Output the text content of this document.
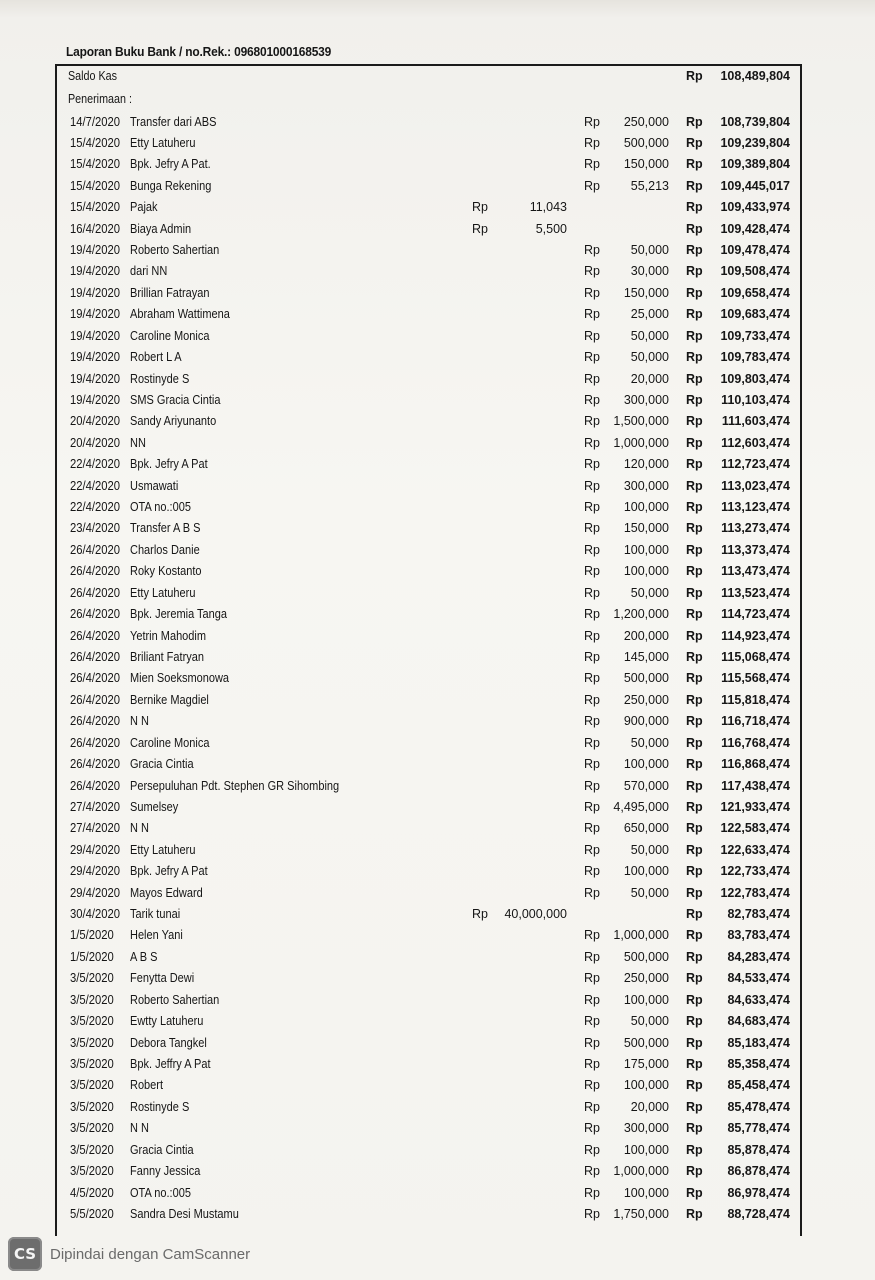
Laporan Buku Bank / no.Rek.: 096801000168539
Saldo Kas	Rp 108,489,804
Penerimaan :
14/7/2020 Transfer dari ABS	Rp 250,000 Rp 108,739,804
15/4/2020 Etty Latuheru	Rp 500,000 Rp 109,239,804
15/4/2020 Bpk. Jefry A Pat.	Rp 150,000 Rp 109,389,804
15/4/2020 Bunga Rekening	Rp 55,213 Rp 109,445,017
15/4/2020 Pajak	Rp	11,043	Rp 109,433,974
16/4/2020 Biaya Admin	Rp	5,500	Rp 109,428,474
19/4/2020 Roberto Sahertian	Rp 50,000 Rp 109,478,474
19/4/2020 dari NN	Rp 30,000 Rp 109,508,474
19/4/2020 Brillian Fatrayan	Rp 150,000 Rp 109,658,474
19/4/2020 Abraham Wattimena	Rp 25,000 Rp 109,683,474
19/4/2020 Caroline Monica	Rp 50,000 Rp 109,733,474
19/4/2020 Robert L A	Rp 50,000 Rp 109,783,474
19/4/2020 Rostinyde S	Rp 20,000 Rp 109,803,474
19/4/2020 SMS Gracia Cintia	Rp 300,000 Rp 110,103,474
20/4/2020 Sandy Ariyunanto	Rp 1,500,000 Rp 111,603,474
20/4/2020 NN	Rp 1,000,000 Rp 112,603,474
22/4/2020 Bpk. Jefry A Pat	Rp 120,000 Rp 112,723,474
22/4/2020 Usmawati	Rp 300,000 Rp 113,023,474
22/4/2020 OTA no.:005	Rp 100,000 Rp 113,123,474
23/4/2020 Transfer A B S	Rp 150,000 Rp 113,273,474
26/4/2020 Charlos Danie	Rp 100,000 Rp 113,373,474
26/4/2020 Roky Kostanto	Rp 100,000 Rp 113,473,474
26/4/2020 Etty Latuheru	Rp 50,000 Rp 113,523,474
26/4/2020 Bpk. Jeremia Tanga	Rp 1,200,000 Rp 114,723,474
26/4/2020 Yetrin Mahodim	Rp 200,000 Rp 114,923,474
26/4/2020 Briliant Fatryan	Rp 145,000 Rp 115,068,474
26/4/2020 Mien Soeksmonowa	Rp 500,000 Rp 115,568,474
26/4/2020 Bernike Magdiel	Rp 250,000 Rp 115,818,474
26/4/2020 N N	Rp 900,000 Rp 116,718,474
26/4/2020 Caroline Monica	Rp 50,000 Rp 116,768,474
26/4/2020 Gracia Cintia	Rp 100,000 Rp 116,868,474
26/4/2020 Persepuluhan Pdt. Stephen GR Sihombing	Rp 570,000 Rp 117,438,474
27/4/2020 Sumelsey	Rp 4,495,000 Rp 121,933,474
27/4/2020 N N	Rp 650,000 Rp 122,583,474
29/4/2020 Etty Latuheru	Rp 50,000 Rp 122,633,474
29/4/2020 Bpk. Jefry A Pat	Rp 100,000 Rp 122,733,474
29/4/2020 Mayos Edward	Rp 50,000 Rp 122,783,474
30/4/2020 Tarik tunai	Rp 40,000,000	Rp 82,783,474
1/5/2020 Helen Yani	Rp 1,000,000 Rp 83,783,474
1/5/2020 A B S	Rp 500,000 Rp 84,283,474
3/5/2020 Fenytta Dewi	Rp 250,000 Rp 84,533,474
3/5/2020 Roberto Sahertian	Rp 100,000 Rp 84,633,474
3/5/2020 Ewtty Latuheru	Rp 50,000 Rp 84,683,474
3/5/2020 Debora Tangkel	Rp 500,000 Rp 85,183,474
3/5/2020 Bpk. Jeffry A Pat	Rp 175,000 Rp 85,358,474
3/5/2020 Robert	Rp 100,000 Rp 85,458,474
3/5/2020 Rostinyde S	Rp 20,000 Rp 85,478,474
3/5/2020 N N	Rp 300,000 Rp 85,778,474
3/5/2020 Gracia Cintia	Rp 100,000 Rp 85,878,474
3/5/2020 Fanny Jessica	Rp 1,000,000 Rp 86,878,474
4/5/2020 OTA no.:005	Rp 100,000 Rp 86,978,474
5/5/2020 Sandra Desi Mustamu	Rp 1,750,000 Rp 88,728,474
CS Dipindai dengan CamScanner
